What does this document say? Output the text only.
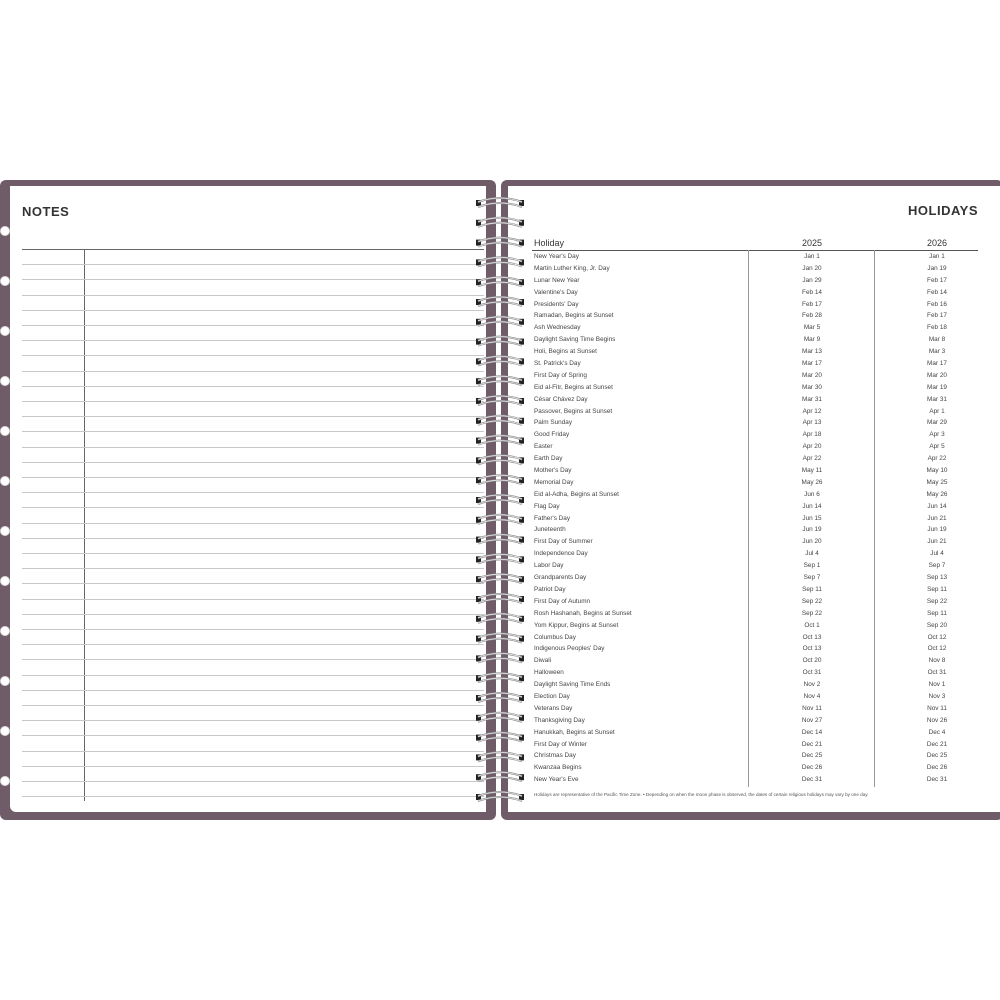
NOTES	HOLIDAYS
Holiday	2025	2026
New Year's Day	Jan 1	Jan 1
Martin Luther King, Jr. Day	Jan 20	Jan 19
Lunar New Year	Jan 29	Feb 17
Valentine's Day	Feb 14	Feb 14
Presidents' Day	Feb 17	Feb 16
Ramadan, Begins at Sunset	Feb 28	Feb 17
Ash Wednesday	Mar 5	Feb 18
Daylight Saving Time Begins	Mar 9	Mar 8
Holi, Begins at Sunset	Mar 13	Mar 3
St. Patrick's Day	Mar 17	Mar 17
First Day of Spring	Mar 20	Mar 20
Eid al-Fitr, Begins at Sunset	Mar 30	Mar 19
César Chávez Day	Mar 31	Mar 31
Passover, Begins at Sunset	Apr 12	Apr 1
Palm Sunday	Apr 13	Mar 29
Good Friday	Apr 18	Apr 3
Easter	Apr 20	Apr 5
Earth Day	Apr 22	Apr 22
Mother's Day	May 11	May 10
Memorial Day	May 26	May 25
Eid al-Adha, Begins at Sunset	Jun 6	May 26
Flag Day	Jun 14	Jun 14
Father's Day	Jun 15	Jun 21
Juneteenth	Jun 19	Jun 19
First Day of Summer	Jun 20	Jun 21
Independence Day	Jul 4	Jul 4
Labor Day	Sep 1	Sep 7
Grandparents Day	Sep 7	Sep 13
Patriot Day	Sep 11	Sep 11
First Day of Autumn	Sep 22	Sep 22
Rosh Hashanah, Begins at Sunset	Sep 22	Sep 11
Yom Kippur, Begins at Sunset	Oct 1	Sep 20
Columbus Day	Oct 13	Oct 12
Indigenous Peoples' Day	Oct 13	Oct 12
Diwali	Oct 20	Nov 8
Halloween	Oct 31	Oct 31
Daylight Saving Time Ends	Nov 2	Nov 1
Election Day	Nov 4	Nov 3
Veterans Day	Nov 11	Nov 11
Thanksgiving Day	Nov 27	Nov 26
Hanukkah, Begins at Sunset	Dec 14	Dec 4
First Day of Winter	Dec 21	Dec 21
Christmas Day	Dec 25	Dec 25
Kwanzaa Begins	Dec 26	Dec 26
New Year's Eve	Dec 31	Dec 31
Holidays are representative of the Pacific Time Zone. • Depending on when the moon phase is observed, the dates of certain religious holidays may vary by one day.
